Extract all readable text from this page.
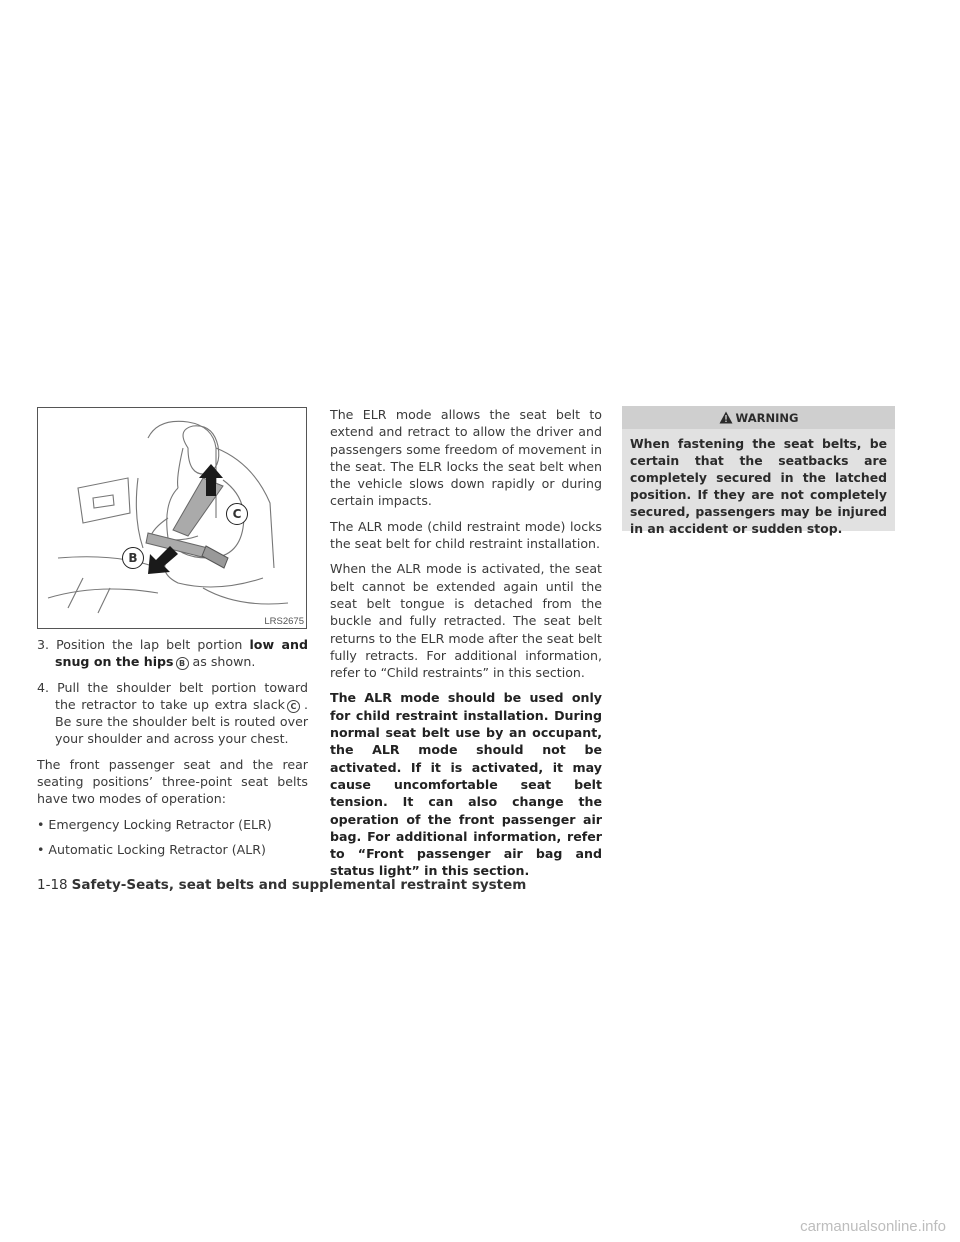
B
C
LRS2675
3. Position the lap belt portion low and snug on the hips B as shown.
4. Pull the shoulder belt portion toward the retractor to take up extra slack C . Be sure the shoulder belt is routed over your shoulder and across your chest.

The front passenger seat and the rear seating positions’ three-point seat belts have two modes of operation:

• Emergency Locking Retractor (ELR)

• Automatic Locking Retractor (ALR)

The ELR mode allows the seat belt to extend and retract to allow the driver and passengers some freedom of movement in the seat. The ELR locks the seat belt when the vehicle slows down rapidly or during certain impacts.

The ALR mode (child restraint mode) locks the seat belt for child restraint installation.

When the ALR mode is activated, the seat belt cannot be extended again until the seat belt tongue is detached from the buckle and fully retracted. The seat belt returns to the ELR mode after the seat belt fully retracts. For additional information, refer to “Child restraints” in this section.

The ALR mode should be used only for child restraint installation. During normal seat belt use by an occupant, the ALR mode should not be activated. If it is activated, it may cause uncomfortable seat belt tension. It can also change the operation of the front passenger air bag. For additional information, refer to “Front passenger air bag and status light” in this section.

WARNING
When fastening the seat belts, be certain that the seatbacks are completely secured in the latched position. If they are not completely secured, passengers may be injured in an accident or sudden stop.
1-18 Safety-Seats, seat belts and supplemental restraint system
carmanualsonline.info
